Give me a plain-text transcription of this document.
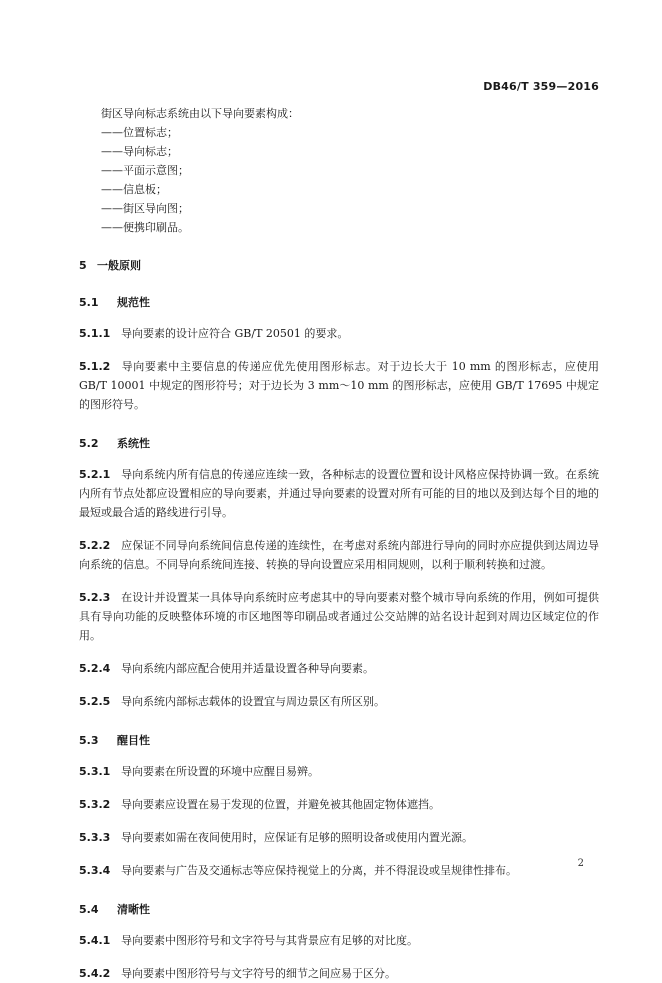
DB46/T 359—2016

街区导向标志系统由以下导向要素构成：

——位置标志；
——导向标志；
——平面示意图；
——信息板；
——街区导向图；
——便携印刷品。
5 一般原则
5.1 规范性
5.1.1 导向要素的设计应符合 GB/T 20501 的要求。
5.1.2 导向要素中主要信息的传递应优先使用图形标志。对于边长大于 10 mm 的图形标志，应使用 GB/T 10001 中规定的图形符号；对于边长为 3 mm～10 mm 的图形标志，应使用 GB/T 17695 中规定的图形符号。
5.2 系统性
5.2.1 导向系统内所有信息的传递应连续一致，各种标志的设置位置和设计风格应保持协调一致。在系统内所有节点处都应设置相应的导向要素，并通过导向要素的设置对所有可能的目的地以及到达每个目的地的最短或最合适的路线进行引导。
5.2.2 应保证不同导向系统间信息传递的连续性，在考虑对系统内部进行导向的同时亦应提供到达周边导向系统的信息。不同导向系统间连接、转换的导向设置应采用相同规则，以利于顺利转换和过渡。
5.2.3 在设计并设置某一具体导向系统时应考虑其中的导向要素对整个城市导向系统的作用，例如可提供具有导向功能的反映整体环境的市区地图等印刷品或者通过公交站牌的站名设计起到对周边区域定位的作用。
5.2.4 导向系统内部应配合使用并适量设置各种导向要素。
5.2.5 导向系统内部标志载体的设置宜与周边景区有所区别。
5.3 醒目性
5.3.1 导向要素在所设置的环境中应醒目易辨。
5.3.2 导向要素应设置在易于发现的位置，并避免被其他固定物体遮挡。
5.3.3 导向要素如需在夜间使用时，应保证有足够的照明设备或使用内置光源。
5.3.4 导向要素与广告及交通标志等应保持视觉上的分离，并不得混设或呈规律性排布。
5.4 清晰性
5.4.1 导向要素中图形符号和文字符号与其背景应有足够的对比度。
5.4.2 导向要素中图形符号与文字符号的细节之间应易于区分。
2
